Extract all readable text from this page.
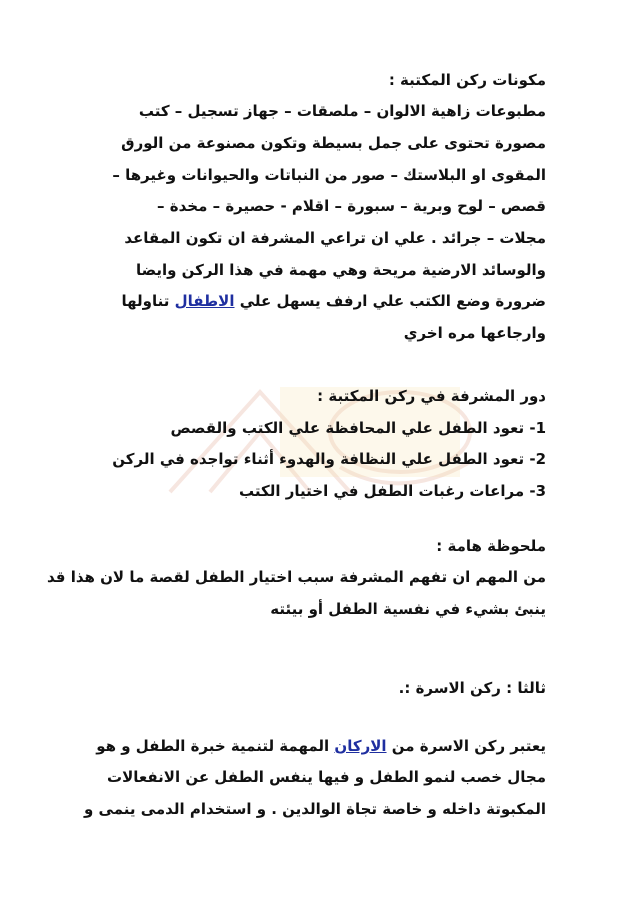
مكونات ركن المكتبة :
مطبوعات زاهية الالوان – ملصقات – جهاز تسجيل – كتب
مصورة تحتوى على جمل بسيطة وتكون مصنوعة من الورق
المقوى او البلاستك – صور من النباتات والحيوانات وغيرها –
قصص – لوح وبرية – سبورة – اقلام - حصيرة – مخدة –
مجلات – جرائد . علي ان تراعي المشرفة ان تكون المقاعد
والوسائد الارضية مريحة وهي مهمة في هذا الركن وايضا
ضرورة وضع الكتب علي ارفف يسهل علي الاطفال تناولها
وارجاعها مره اخري
دور المشرفة في ركن المكتبة :
1- تعود الطفل علي المحافظة علي الكتب والقصص
2- تعود الطفل علي النظافة والهدوء أثناء تواجده في الركن
3- مراعات رغبات الطفل في اختيار الكتب
ملحوظة هامة :
من المهم ان تفهم المشرفة سبب اختيار الطفل لقصة ما لان هذا قد
ينبئ بشيء في نفسية الطفل أو بيئته
ثالثا : ركن الاسرة :.
يعتبر ركن الاسرة من الاركان المهمة لتنمية خبرة الطفل و هو
مجال خصب لنمو الطفل و فيها ينفس الطفل عن الانفعالات
المكبوتة داخله و خاصة تجاة الوالدين . و استخدام الدمى ينمى و
